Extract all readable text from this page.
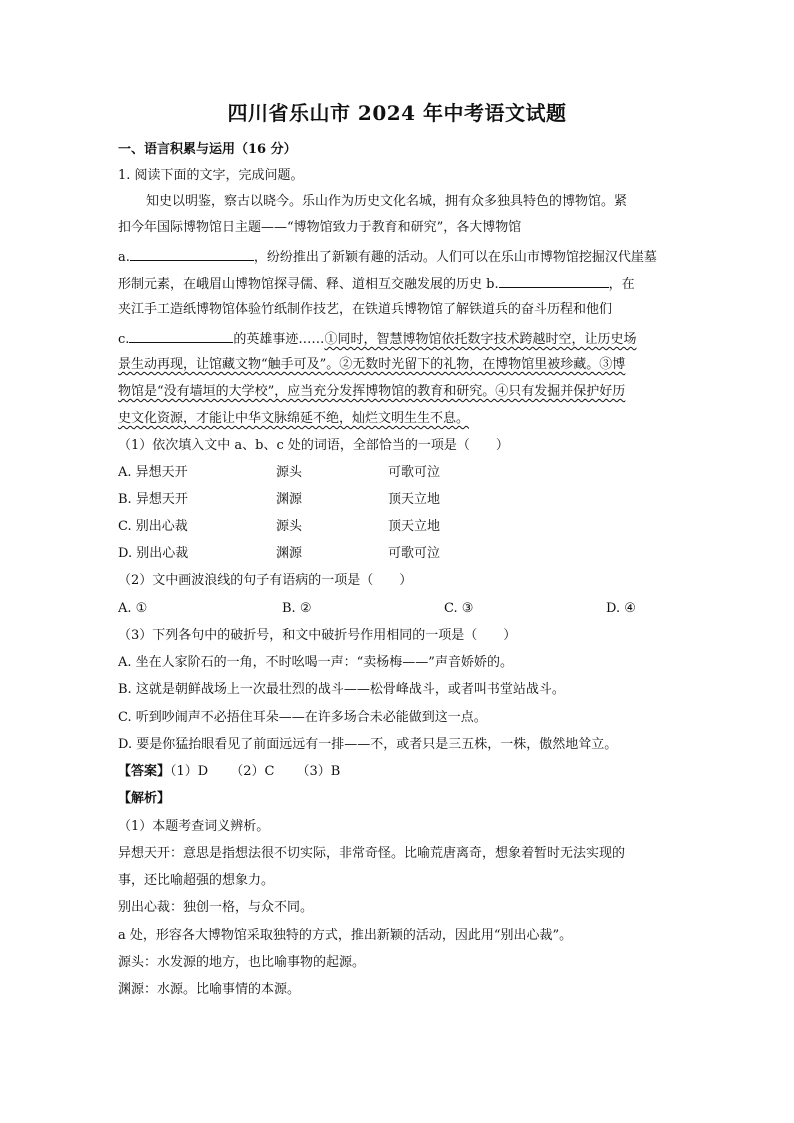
四川省乐山市 2024 年中考语文试题
一、语言积累与运用（16 分）
1. 阅读下面的文字，完成问题。
知史以明鉴，察古以晓今。乐山作为历史文化名城，拥有众多独具特色的博物馆。紧
扣今年国际博物馆日主题——“博物馆致力于教育和研究”，各大博物馆
a.	，纷纷推出了新颖有趣的活动。人们可以在乐山市博物馆挖掘汉代崖墓
形制元素，在峨眉山博物馆探寻儒、释、道相互交融发展的历史 b.	，在
夹江手工造纸博物馆体验竹纸制作技艺，在铁道兵博物馆了解铁道兵的奋斗历程和他们
c.	的英雄事迹……①同时，智慧博物馆依托数字技术跨越时空，让历史场
景生动再现，让馆藏文物“触手可及”。②无数时光留下的礼物，在博物馆里被珍藏。③博
物馆是“没有墙垣的大学校”，应当充分发挥博物馆的教育和研究。④只有发掘并保护好历
史文化资源，才能让中华文脉绵延不绝，灿烂文明生生不息。
（1）依次填入文中 a、b、c 处的词语，全部恰当的一项是（　　）
A. 异想天开	源头	可歌可泣
B. 异想天开	渊源	顶天立地
C. 别出心裁	源头	顶天立地
D. 别出心裁	渊源	可歌可泣
（2）文中画波浪线的句子有语病的一项是（　　）
A. ①	B. ②	C. ③	D. ④
（3）下列各句中的破折号，和文中破折号作用相同的一项是（　　）
A. 坐在人家阶石的一角，不时吆喝一声：“卖杨梅——”声音娇娇的。
B. 这就是朝鲜战场上一次最壮烈的战斗——松骨峰战斗，或者叫书堂站战斗。
C. 听到吵闹声不必捂住耳朵——在许多场合未必能做到这一点。
D. 要是你猛抬眼看见了前面远远有一排——不，或者只是三五株，一株，傲然地耸立。
【答案】（1）D （2）C （3）B
【解析】
（1）本题考查词义辨析。
异想天开：意思是指想法很不切实际，非常奇怪。比喻荒唐离奇，想象着暂时无法实现的
事，还比喻超强的想象力。
别出心裁：独创一格，与众不同。
a 处，形容各大博物馆采取独特的方式，推出新颖的活动，因此用“别出心裁”。
源头：水发源的地方，也比喻事物的起源。
渊源：水源。比喻事情的本源。
